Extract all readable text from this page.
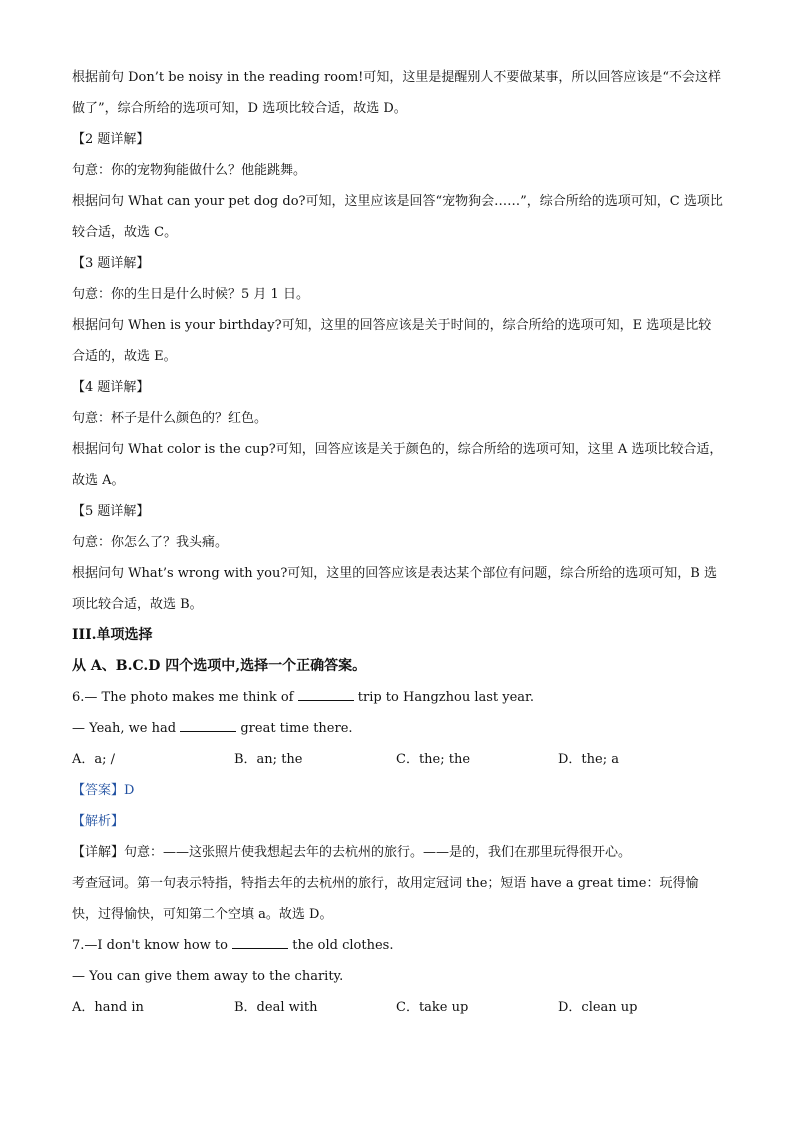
根据前句 Don’t be noisy in the reading room!可知，这里是提醒别人不要做某事，所以回答应该是“不会这样做了”，综合所给的选项可知，D 选项比较合适，故选 D。

【2 题详解】

句意：你的宠物狗能做什么？他能跳舞。

根据问句 What can your pet dog do?可知，这里应该是回答“宠物狗会……”，综合所给的选项可知，C 选项比较合适，故选 C。

【3 题详解】

句意：你的生日是什么时候？5 月 1 日。

根据问句 When is your birthday?可知，这里的回答应该是关于时间的，综合所给的选项可知，E 选项是比较合适的，故选 E。

【4 题详解】

句意：杯子是什么颜色的？红色。

根据问句 What color is the cup?可知，回答应该是关于颜色的，综合所给的选项可知，这里 A 选项比较合适，故选 A。

【5 题详解】

句意：你怎么了？我头痛。

根据问句 What’s wrong with you?可知，这里的回答应该是表达某个部位有问题，综合所给的选项可知，B 选项比较合适，故选 B。

III.单项选择

从 A、B.C.D 四个选项中,选择一个正确答案。

6.— The photo makes me think of	trip to Hangzhou last year.

— Yeah, we had	great time there.

A．a; /	B．an; the	C．the; the	D．the; a

【答案】D

【解析】

【详解】句意：——这张照片使我想起去年的去杭州的旅行。——是的，我们在那里玩得很开心。

考查冠词。第一句表示特指，特指去年的去杭州的旅行，故用定冠词 the；短语 have a great time：玩得愉快，过得愉快，可知第二个空填 a。故选 D。

7.—I don't know how to	the old clothes.

— You can give them away to the charity.

A．hand in	B．deal with	C．take up	D．clean up
